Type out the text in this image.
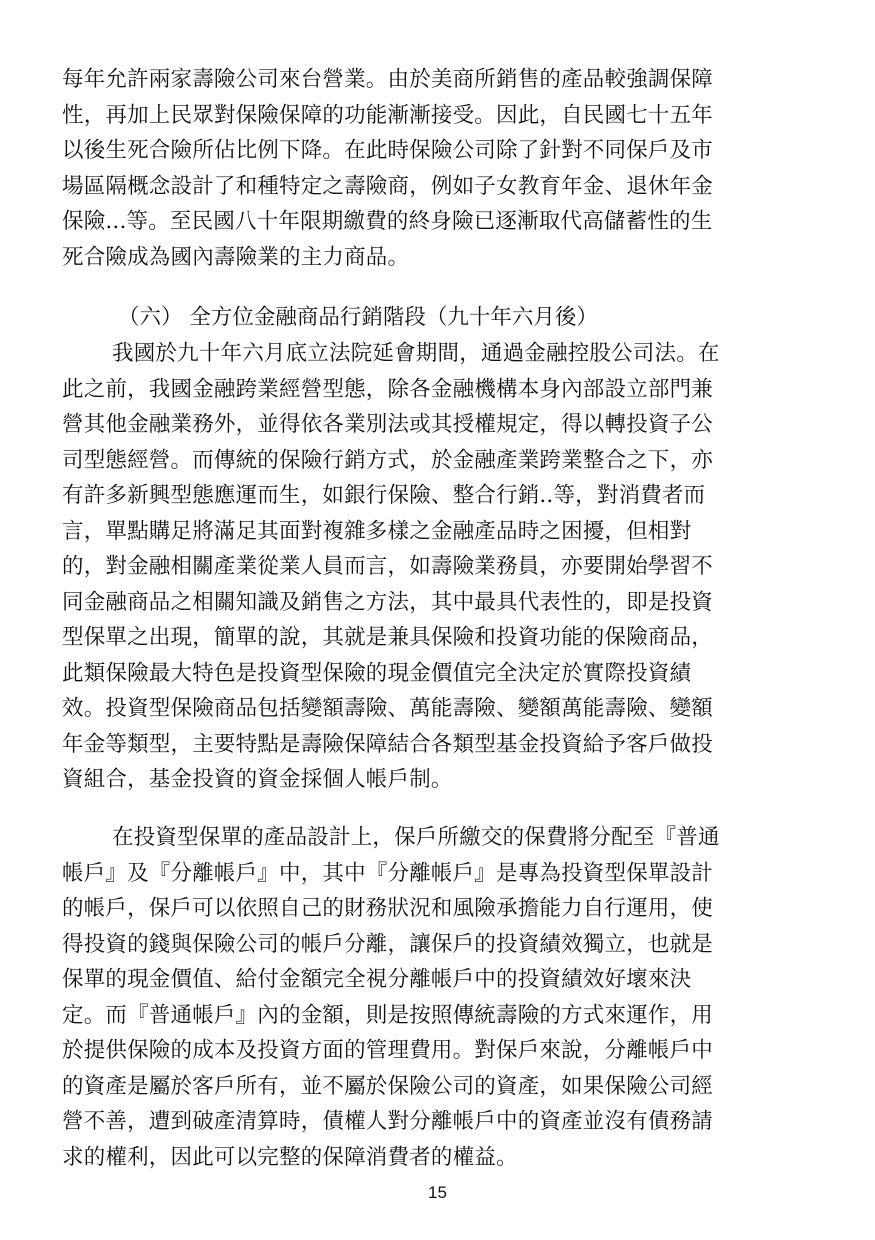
每年允許兩家壽險公司來台營業。由於美商所銷售的產品較強調保障
性，再加上民眾對保險保障的功能漸漸接受。因此，自民國七十五年
以後生死合險所佔比例下降。在此時保險公司除了針對不同保戶及市
場區隔概念設計了和種特定之壽險商，例如子女教育年金、退休年金
保險...等。至民國八十年限期繳費的終身險已逐漸取代高儲蓄性的生
死合險成為國內壽險業的主力商品。
（六） 全方位金融商品行銷階段（九十年六月後）
我國於九十年六月底立法院延會期間，通過金融控股公司法。在
此之前，我國金融跨業經營型態，除各金融機構本身內部設立部門兼
營其他金融業務外，並得依各業別法或其授權規定，得以轉投資子公
司型態經營。而傳統的保險行銷方式，於金融產業跨業整合之下，亦
有許多新興型態應運而生，如銀行保險、整合行銷..等，對消費者而
言，單點購足將滿足其面對複雜多樣之金融產品時之困擾，但相對
的，對金融相關產業從業人員而言，如壽險業務員，亦要開始學習不
同金融商品之相關知識及銷售之方法，其中最具代表性的，即是投資
型保單之出現，簡單的說，其就是兼具保險和投資功能的保險商品，
此類保險最大特色是投資型保險的現金價值完全決定於實際投資績
效。投資型保險商品包括變額壽險、萬能壽險、變額萬能壽險、變額
年金等類型，主要特點是壽險保障結合各類型基金投資給予客戶做投
資組合，基金投資的資金採個人帳戶制。
在投資型保單的產品設計上，保戶所繳交的保費將分配至『普通
帳戶』及『分離帳戶』中，其中『分離帳戶』是專為投資型保單設計
的帳戶，保戶可以依照自己的財務狀況和風險承擔能力自行運用，使
得投資的錢與保險公司的帳戶分離，讓保戶的投資績效獨立，也就是
保單的現金價值、給付金額完全視分離帳戶中的投資績效好壞來決
定。而『普通帳戶』內的金額，則是按照傳統壽險的方式來運作，用
於提供保險的成本及投資方面的管理費用。對保戶來說，分離帳戶中
的資產是屬於客戶所有，並不屬於保險公司的資產，如果保險公司經
營不善，遭到破產清算時，債權人對分離帳戶中的資產並沒有債務請
求的權利，因此可以完整的保障消費者的權益。
15
